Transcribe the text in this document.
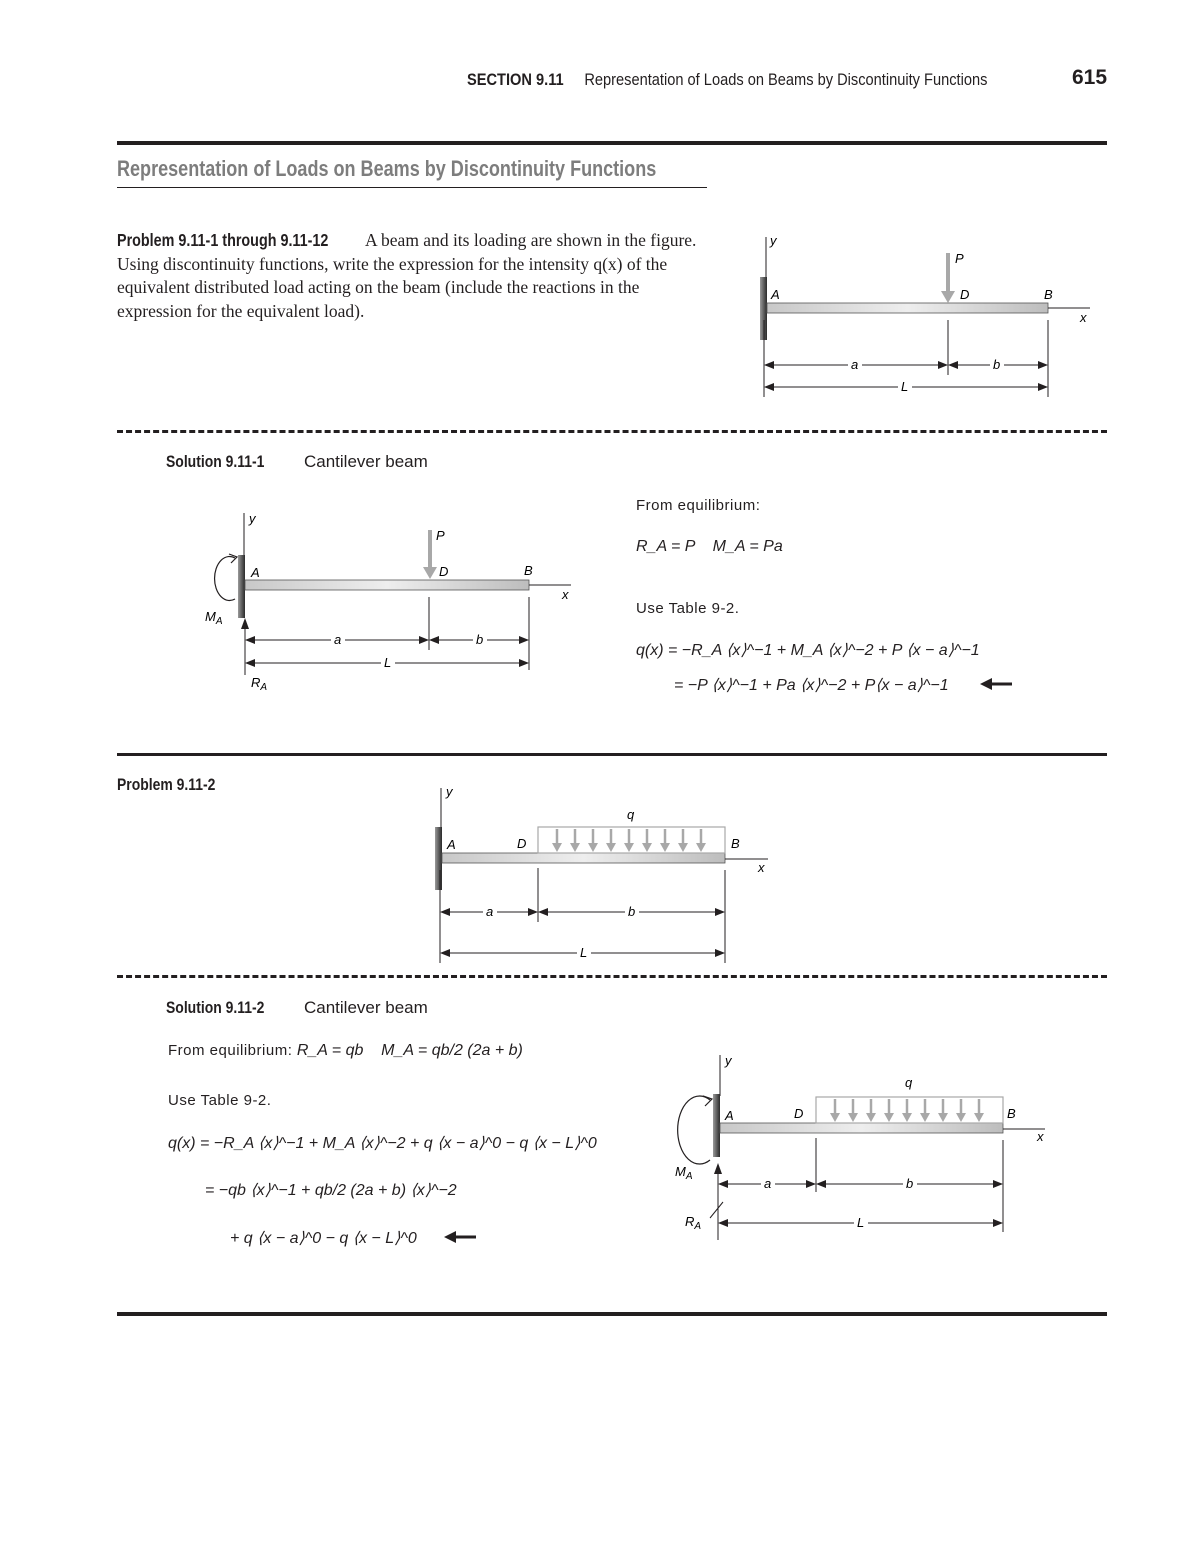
SECTION 9.11 Representation of Loads on Beams by Discontinuity Functions	615
Representation of Loads on Beams by Discontinuity Functions
Problem 9.11-1 through 9.11-12 A beam and its loading are shown in the figure. Using discontinuity functions, write the expression for the intensity q(x) of the equivalent distributed load acting on the beam (include the reactions in the expression for the equivalent load).
y
x
A	D	B
P
a	b
L
Solution 9.11-1 Cantilever beam
y
x
A	D	B
P
$M_A$
$R_A$
a	b
L
From equilibrium:
R_A = P    M_A = Pa
Use Table 9-2.
q(x) = −R_A ⟨x⟩^−1 + M_A ⟨x⟩^−2 + P ⟨x − a⟩^−1
= −P ⟨x⟩^−1 + Pa ⟨x⟩^−2 + P⟨x − a⟩^−1
Problem 9.11-2	y
x
A	D	B
q
a	b
L
Solution 9.11-2 Cantilever beam
From equilibrium: R_A = qb    M_A = qb/2 (2a + b)
Use Table 9-2.
q(x) = −R_A ⟨x⟩^−1 + M_A ⟨x⟩^−2 + q ⟨x − a⟩^0 − q ⟨x − L⟩^0
= −qb ⟨x⟩^−1 + qb/2 (2a + b) ⟨x⟩^−2
+ q ⟨x − a⟩^0 − q ⟨x − L⟩^0
y
x
A	D	B
q
$M_A$
$R_A$
a	b
L
